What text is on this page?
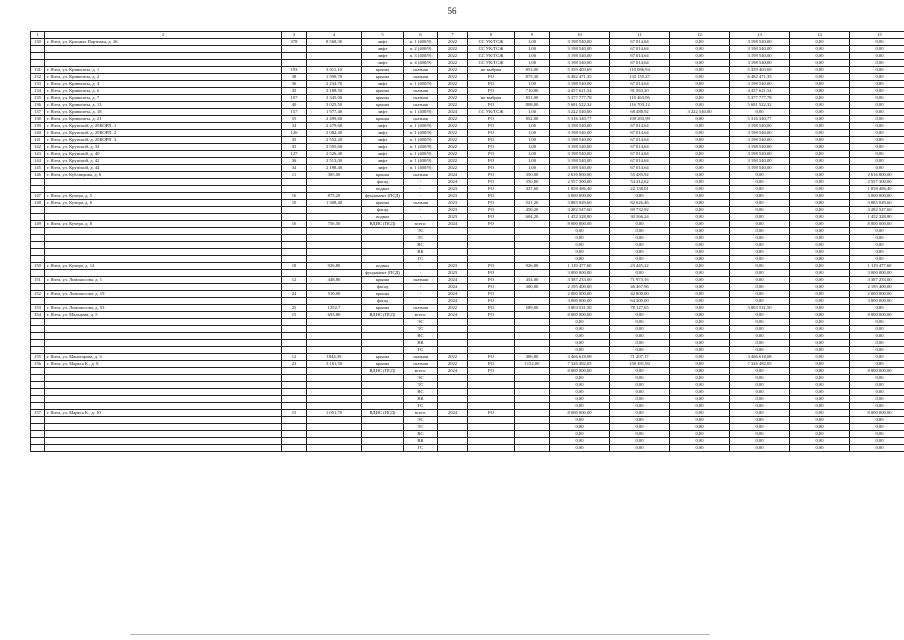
56
1	2	3	4	5	6	7	8	9	10	11	12	13	14	15
130	г. Ялта, ул. Красных Партизан, д. 26	378	8 568,30	лифт	п. 1 (400/9)	2022	СС УК/ТСЖ	1,00	3 198 540,00	67 014,64	0,00	3 198 540,00	0,00	0,00
				лифт	п. 2 (400/9)	2022	СС УК/ТСЖ	1,00	3 198 540,00	67 014,64	0,00	3 198 540,00	0,00	0,00
				лифт	п. 3 (400/9)	2022	СС УК/ТСЖ	1,00	3 198 540,00	67 014,64	0,00	3 198 540,00	0,00	0,00
				лифт	п. 4 (400/9)	2022	СС УК/ТСЖ	1,00	3 198 540,00	67 014,64	0,00	3 198 540,00	0,00	0,00
131	г. Ялта, ул. Кривошты, д. 1	193	3 011,10	крыша	скатная	2022	не выбран	853,00	5 359 403,69	110 086,94	0,00	5 359 403,69	0,00	0,00
132	г. Ялта, ул. Кривошты, д. 2	38	1 599,70	крыша	скатная	2022	РО	875,30	6 482 471,35	133 155,27	0,00	6 482 471,35	0,00	0,00
133	г. Ялта, ул. Кривошты, д. 4	36	2 234,70	лифт	п. 1 (400/9)	2022	РО	1,00	3 198 540,00	67 014,64	0,00	3 198 540,00	0,00	0,00
134	г. Ялта, ул. Кривошты, д. 6	45	2 188,50	крыша	скатная	2022	РО	710,00	4 457 621,54	91 563,20	0,00	4 457 621,54	0,00	0,00
135	г. Ялта, ул. Кривошты, д. 7	107	3 345,00	крыша	скатная	2022	не выбран	851,00	5 377 777,78	110 463,96	0,00	5 377 777,78	0,00	0,00
136	г. Ялта, ул. Кривошты, д. 13	40	3 025,50	крыша	скатная	2022	РО	808,00	5 681 522,32	116 703,12	0,00	5 681 522,32	0,00	0,00
137	г. Ялта, ул. Кривошты, д. 18	157	1 977,40	лифт	п. 1 (400/9)	2024	СС УК/ТСЖ	1,00	3 222 540,00	68 488,92	3 222 540,00	0,00	0,00	0,00
138	г. Ялта, ул. Кривошты, д. 21	55	2 499,60	крыша	скатная	2022	РО	852,00	5 316 340,77	109 203,99	0,00	5 316 340,77	0,00	0,00
139	г. Ялта, ул. Крупской, д. 20КОРП. 1	34	2 479,60	лифт	п. 1 (400/9)	2022	РО	1,00	3 198 540,00	67 014,64	0,00	3 198 540,00	0,00	0,00
140	г. Ялта, ул. Крупской, д. 20КОРП. 2	126	2 082,40	лифт	п. 1 (400/9)	2022	РО	1,00	3 198 540,00	67 014,64	0,00	3 198 540,00	0,00	0,00
141	г. Ялта, ул. Крупской, д. 20КОРП. 3	35	2 552,20	лифт	п. 1 (400/9)	2022	РО	1,00	3 198 540,00	67 014,64	0,00	3 198 540,00	0,00	0,00
142	г. Ялта, ул. Крупской, д. 34	35	2 505,60	лифт	п. 1 (400/9)	2022	РО	1,00	3 198 540,00	67 014,64	0,00	3 198 540,00	0,00	0,00
143	г. Ялта, ул. Крупской, д. 40	127	2 526,40	лифт	п. 1 (400/9)	2022	РО	1,00	3 198 540,00	67 014,64	0,00	3 198 540,00	0,00	0,00
144	г. Ялта, ул. Крупской, д. 42	36	2 513,00	лифт	п. 1 (400/9)	2022	РО	1,00	3 198 540,00	67 014,64	0,00	3 198 540,00	0,00	0,00
145	г. Ялта, ул. Крупской, д. 44	34	2 198,40	лифт	п. 1 (400/9)	2022	РО	1,00	3 198 540,00	67 014,64	0,00	3 198 540,00	0,00	0,00
146	г. Ялта, ул. Кублицкова, д. 6	11	385,00	крыша	скатная	2024	РО	350,00	2 616 800,00	55 485,92	0,00	0,00	0,00	2 616 800,00
				фасад	-	2024	РО	350,00	2 557 300,00	54 212,62	0,00	0,00	0,00	2 557 300,00
				подвал	-	2023	РО	437,60	1 058 486,40	22 138,01	0,00	0,00	0,00	1 058 486,40
147	г. Ялта, ул. Кучера, д. 5	16	875,20	фундамент (ПСД)	-	2023	РО		3 000 000,00	0,00	0,00	0,00	0,00	3 000 000,00
148	г. Ялта, ул. Кучера, д. 6	10	1 308,40	крыша	скатная	2023	РО	521,20	3 885 049,60	82 626,46	0,00	0,00	0,00	3 885 049,60
				фасад	-	2023	РО	450,20	3 282 547,60	69 732,92	0,00	0,00	0,00	3 282 547,60
				подвал	-	2023	РО	604,20	1 452 328,80	30 566,24	0,00	0,00	0,00	1 452 328,80
149	г. Ялта, ул. Кучера, д. 8	16	756,50	ВДИС (ПСД)	всего:	2024	РО		8 000 000,00	0,00	0,00	0,00	0,00	8 000 000,00
					ЭС				0,00	0,00	0,00	0,00	0,00	0,00
					ТС				0,00	0,00	0,00	0,00	0,00	0,00
					ВС				0,00	0,00	0,00	0,00	0,00	0,00
					ВК				0,00	0,00	0,00	0,00	0,00	0,00
					ГС				0,00	0,00	0,00	0,00	0,00	0,00
150	г. Ялта, ул. Кучера, д. 14	18	926,80	подвал	-	2023	РО	926,80	1 119 477,60	23 445,22	0,00	0,00	0,00	1 119 477,60
				фундамент (ПСД)	-	2023	РО		3 000 000,00	0,00	0,00	0,00	0,00	3 000 000,00
151	г. Ялта, ул. Ломоносова, д. 1	12	448,80	крыша	скатная	2024	РО	454,00	3 387 233,00	71 973,16	0,00	0,00	0,00	3 387 233,00
				фасад	-	2024	РО	300,00	2 195 400,00	46 467,96	0,00	0,00	0,00	2 195 400,00
152	г. Ялта, ул. Ломоносова, д. 19	24	510,00	крыша	-	2024	РО		2 000 000,00	42 800,00	0,00	0,00	0,00	2 000 000,00
				фасад	-	2024	РО		3 000 000,00	64 200,00	0,00	0,00	0,00	3 000 000,00
153	г. Ялта, ул. Ломоносова, д. 53	25	1352,7	крыша	скатная	2022	РО	589,00	3 803 531,50	78 127,65	0,00	3 803 531,50	0,00	0,00
154	г. Ялта, ул. Мальцева, д. 5	15	693,80	ВДИС (ПСД)	всего:	2024	РО		8 000 000,00	0,00	0,00	0,00	0,00	8 000 000,00
					ЭС				0,00	0,00	0,00	0,00	0,00	0,00
					ТС				0,00	0,00	0,00	0,00	0,00	0,00
					ВС				0,00	0,00	0,00	0,00	0,00	0,00
					ВК				0,00	0,00	0,00	0,00	0,00	0,00
					ГС				0,00	0,00	0,00	0,00	0,00	0,00
155	г. Ялта, ул. Манагарова, д. 3	12	1844,39	крыша	скатная	2022	РО	486,80	3 466 618,08	71 207,17	0,00	3 466 618,08	0,00	0,00
156	г. Ялта, ул. Маркса К., д. 8	23	3 161,50	крыша	скатная	2022	РО	1152,00	7 326 482,05	150 491,94	0,00	7 326 482,05	0,00	0,00
				ВДИС (ПСД)	всего:	2024	РО		8 000 000,00	0,00	0,00	0,00	0,00	8 000 000,00
					ЭС				0,00	0,00	0,00	0,00	0,00	0,00
					ТС				0,00	0,00	0,00	0,00	0,00	0,00
					ВС				0,00	0,00	0,00	0,00	0,00	0,00
					ВК				0,00	0,00	0,00	0,00	0,00	0,00
					ГС				0,00	0,00	0,00	0,00	0,00	0,00
157	г. Ялта, ул. Маркса К., д. 10	15	1 051,70	ВДИС (ПСД)	всего:	2024	РО		8 000 000,00	0,00	0,00	0,00	0,00	8 000 000,00
					ЭС				0,00	0,00	0,00	0,00	0,00	0,00
					ТС				0,00	0,00	0,00	0,00	0,00	0,00
					ВС				0,00	0,00	0,00	0,00	0,00	0,00
					ВК				0,00	0,00	0,00	0,00	0,00	0,00
					ГС				0,00	0,00	0,00	0,00	0,00	0,00
